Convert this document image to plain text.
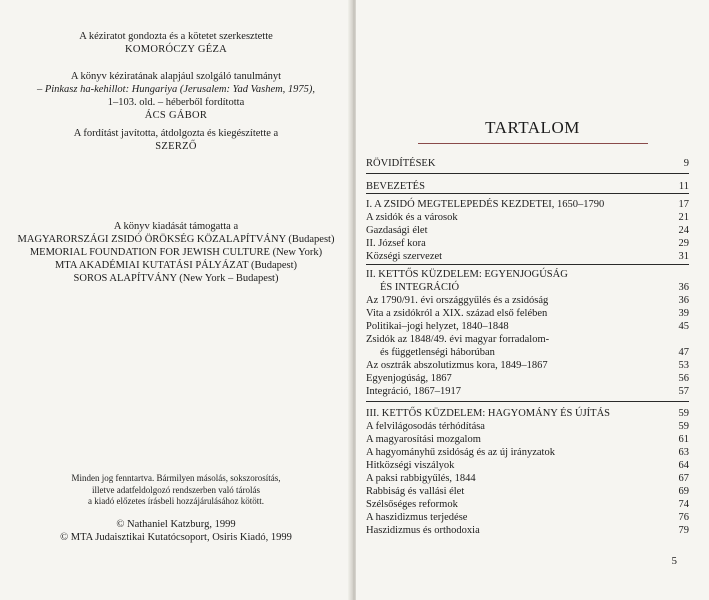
A kéziratot gondozta és a kötetet szerkesztette
KOMORÓCZY GÉZA
A könyv kéziratának alapjául szolgáló tanulmányt
– Pinkasz ha-kehillot: Hungariya (Jerusalem: Yad Vashem, 1975),
1–103. old. – héberből fordította
ÁCS GÁBOR
A fordítást javította, átdolgozta és kiegészítette a
SZERZŐ
A könyv kiadását támogatta a
MAGYARORSZÁGI ZSIDÓ ÖRÖKSÉG KÖZALAPÍTVÁNY (Budapest)
MEMORIAL FOUNDATION FOR JEWISH CULTURE (New York)
MTA AKADÉMIAI KUTATÁSI PÁLYÁZAT (Budapest)
SOROS ALAPÍTVÁNY (New York – Budapest)
Minden jog fenntartva. Bármilyen másolás, sokszorosítás,
illetve adatfeldolgozó rendszerben való tárolás
a kiadó előzetes írásbeli hozzájárulásához kötött.
© Nathaniel Katzburg, 1999
© MTA Judaisztikai Kutatócsoport, Osiris Kiadó, 1999
TARTALOM
RÖVIDÍTÉSEK	9
BEVEZETÉS	11
I. A ZSIDÓ MEGTELEPEDÉS KEZDETEI, 1650–1790	17
A zsidók és a városok	21
Gazdasági élet	24
II. József kora	29
Községi szervezet	31
II. KETTŐS KÜZDELEM: EGYENJOGÚSÁG
ÉS INTEGRÁCIÓ	36
Az 1790/91. évi országgyűlés és a zsidóság	36
Vita a zsidókról a XIX. század első felében	39
Politikai–jogi helyzet, 1840–1848	45
Zsidók az 1848/49. évi magyar forradalom-
és függetlenségi háborúban	47
Az osztrák abszolutizmus kora, 1849–1867	53
Egyenjogúság, 1867	56
Integráció, 1867–1917	57
III. KETTŐS KÜZDELEM: HAGYOMÁNY ÉS ÚJÍTÁS	59
A felvilágosodás térhódítása	59
A magyarosítási mozgalom	61
A hagyományhű zsidóság és az új irányzatok	63
Hitközségi viszályok	64
A paksi rabbigyűlés, 1844	67
Rabbiság és vallási élet	69
Szélsőséges reformok	74
A haszidizmus terjedése	76
Haszidizmus és orthodoxia	79
5
